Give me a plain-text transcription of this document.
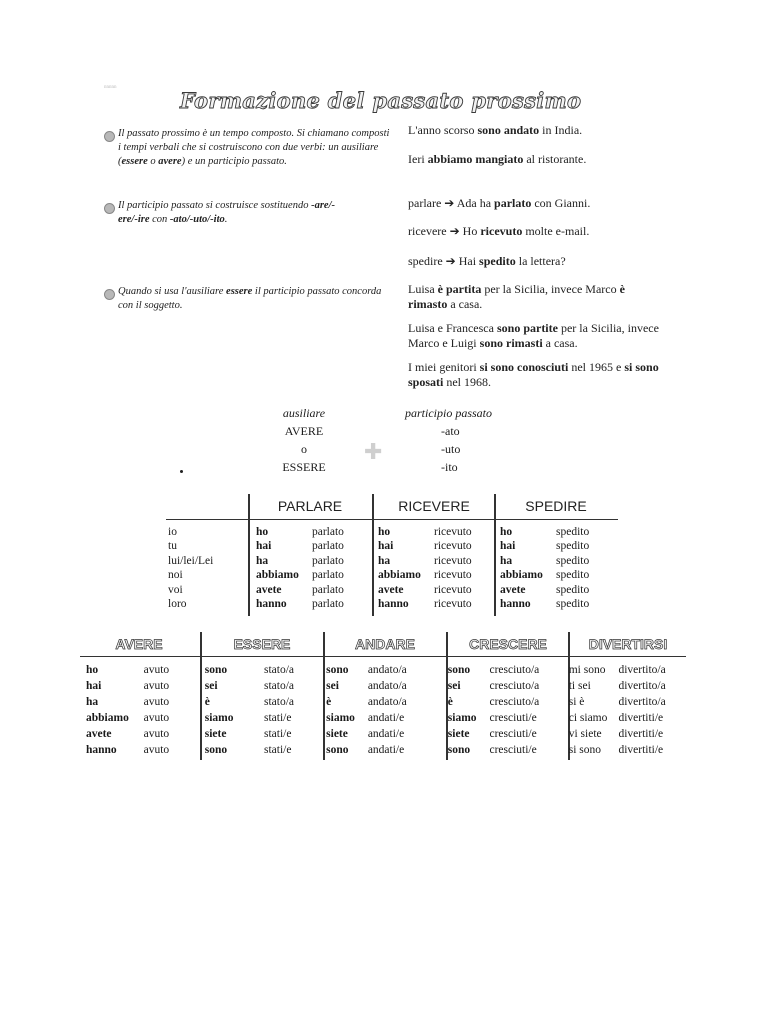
nnnnn
Formazione del passato prossimo
Il passato prossimo è un tempo composto. Si chiamano composti i tempi verbali che si costruiscono con due verbi: un ausiliare (essere o avere) e un participio passato.
L'anno scorso sono andato in India.
Ieri abbiamo mangiato al ristorante.
Il participio passato si costruisce sostituendo -are/-ere/-ire con -ato/-uto/-ito.
parlare ➔ Ada ha parlato con Gianni.
ricevere ➔ Ho ricevuto molte e-mail.
spedire ➔ Hai spedito la lettera?
Quando si usa l'ausiliare essere il participio passato concorda con il soggetto.
Luisa è partita per la Sicilia, invece Marco è rimasto a casa.
Luisa e Francesca sono partite per la Sicilia, invece Marco e Luigi sono rimasti a casa.
I miei genitori si sono conosciuti nel 1965 e si sono sposati nel 1968.
ausiliare
AVERE
o
ESSERE
✚
participio passato
-ato
-uto
-ito
PARLARE	RICEVERE	SPEDIRE
io	ho	parlato	ho	ricevuto	ho	spedito
tu	hai	parlato	hai	ricevuto	hai	spedito
lui/lei/Lei	ha	parlato	ha	ricevuto	ha	spedito
noi	abbiamo	parlato	abbiamo	ricevuto	abbiamo	spedito
voi	avete	parlato	avete	ricevuto	avete	spedito
loro	hanno	parlato	hanno	ricevuto	hanno	spedito
AVERE	ESSERE	ANDARE	CRESCERE	DIVERTIRSI
ho	avuto	sono	stato/a	sono	andato/a	sono	cresciuto/a	mi sono	divertito/a
hai	avuto	sei	stato/a	sei	andato/a	sei	cresciuto/a	ti sei	divertito/a
ha	avuto	è	stato/a	è	andato/a	è	cresciuto/a	si è	divertito/a
abbiamo	avuto	siamo	stati/e	siamo	andati/e	siamo	cresciuti/e	ci siamo	divertiti/e
avete	avuto	siete	stati/e	siete	andati/e	siete	cresciuti/e	vi siete	divertiti/e
hanno	avuto	sono	stati/e	sono	andati/e	sono	cresciuti/e	si sono	divertiti/e
